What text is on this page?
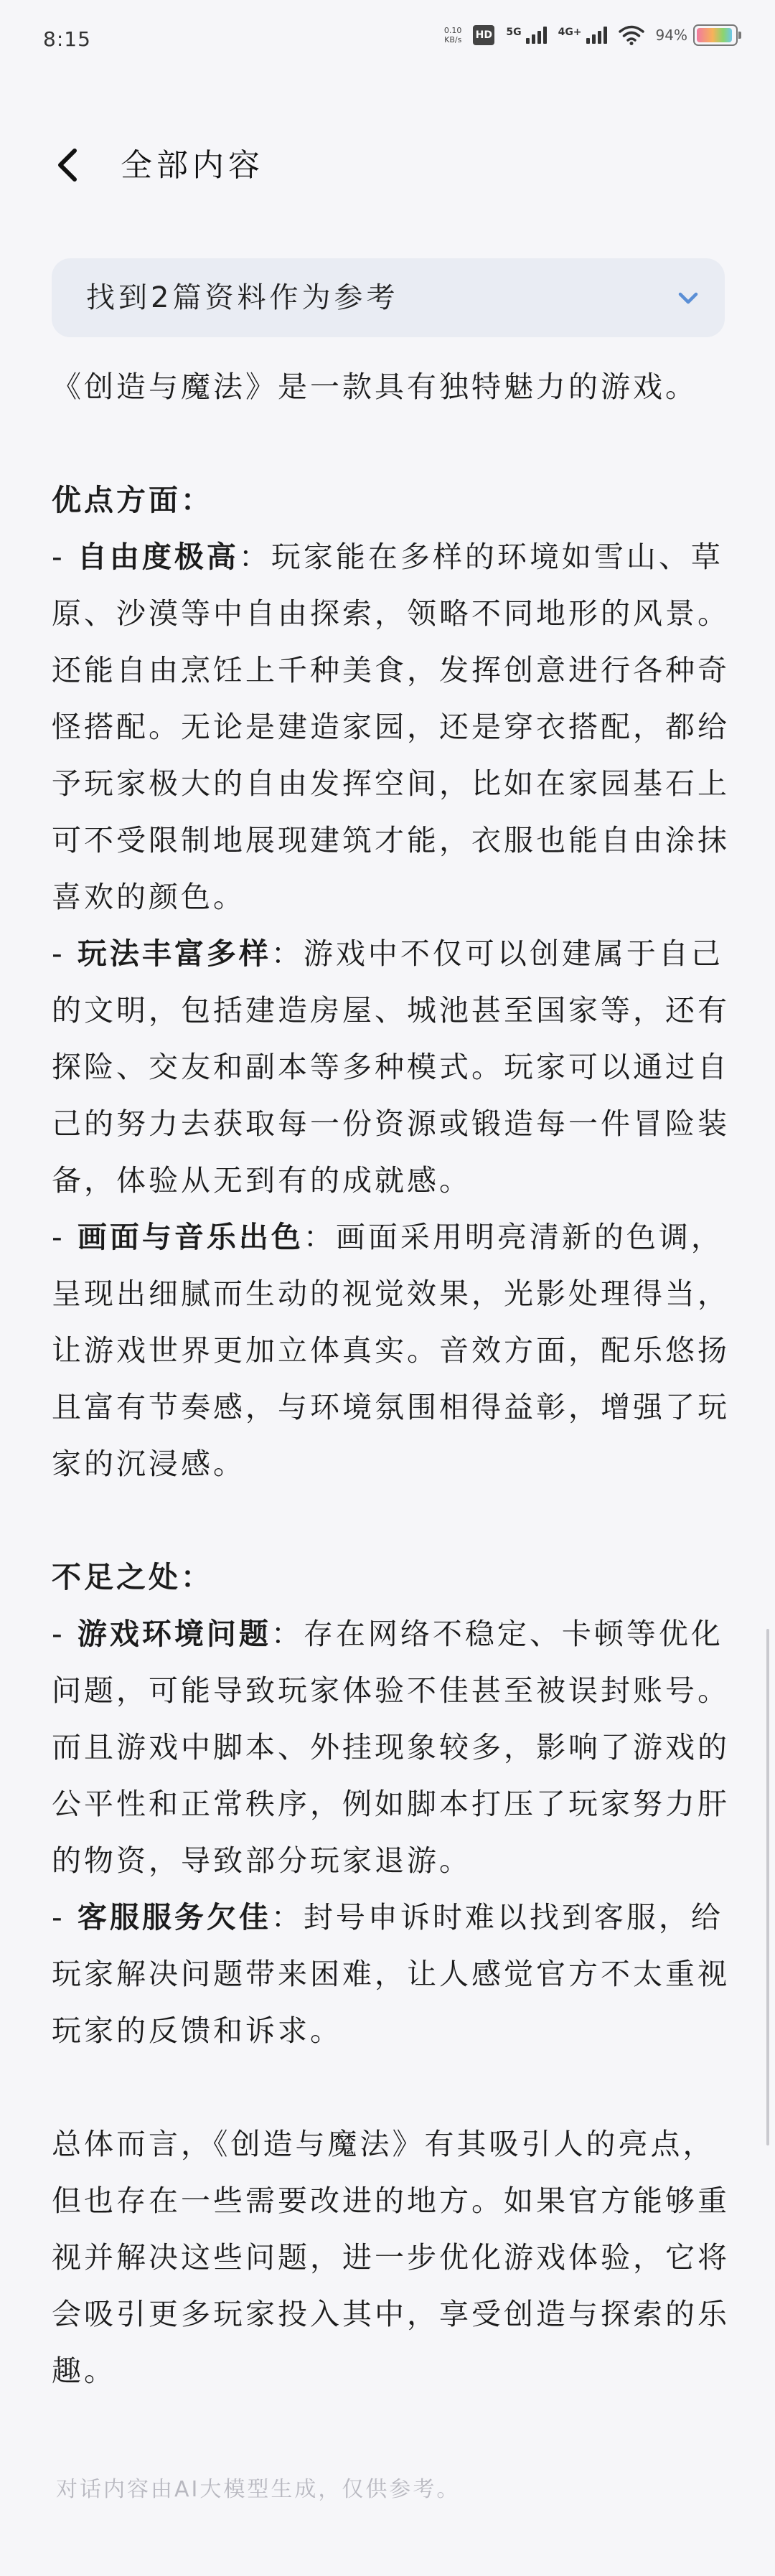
8:15	0.10
KB/s HD 5G	4G+	94%
全部内容
找到2篇资料作为参考

《创造与魔法》是一款具有独特魅力的游戏。

优点方面：

- 自由度极高：玩家能在多样的环境如雪山、草原、沙漠等中自由探索，领略不同地形的风景。还能自由烹饪上千种美食，发挥创意进行各种奇怪搭配。无论是建造家园，还是穿衣搭配，都给予玩家极大的自由发挥空间，比如在家园基石上可不受限制地展现建筑才能，衣服也能自由涂抹喜欢的颜色。

- 玩法丰富多样：游戏中不仅可以创建属于自己的文明，包括建造房屋、城池甚至国家等，还有探险、交友和副本等多种模式。玩家可以通过自己的努力去获取每一份资源或锻造每一件冒险装备，体验从无到有的成就感。

- 画面与音乐出色：画面采用明亮清新的色调，呈现出细腻而生动的视觉效果，光影处理得当，让游戏世界更加立体真实。音效方面，配乐悠扬且富有节奏感，与环境氛围相得益彰，增强了玩家的沉浸感。

不足之处：

- 游戏环境问题：存在网络不稳定、卡顿等优化问题，可能导致玩家体验不佳甚至被误封账号。而且游戏中脚本、外挂现象较多，影响了游戏的公平性和正常秩序，例如脚本打压了玩家努力肝的物资，导致部分玩家退游。

- 客服服务欠佳：封号申诉时难以找到客服，给玩家解决问题带来困难，让人感觉官方不太重视玩家的反馈和诉求。

总体而言，《创造与魔法》有其吸引人的亮点，但也存在一些需要改进的地方。如果官方能够重视并解决这些问题，进一步优化游戏体验，它将会吸引更多玩家投入其中，享受创造与探索的乐趣。

对话内容由AI大模型生成，仅供参考。
